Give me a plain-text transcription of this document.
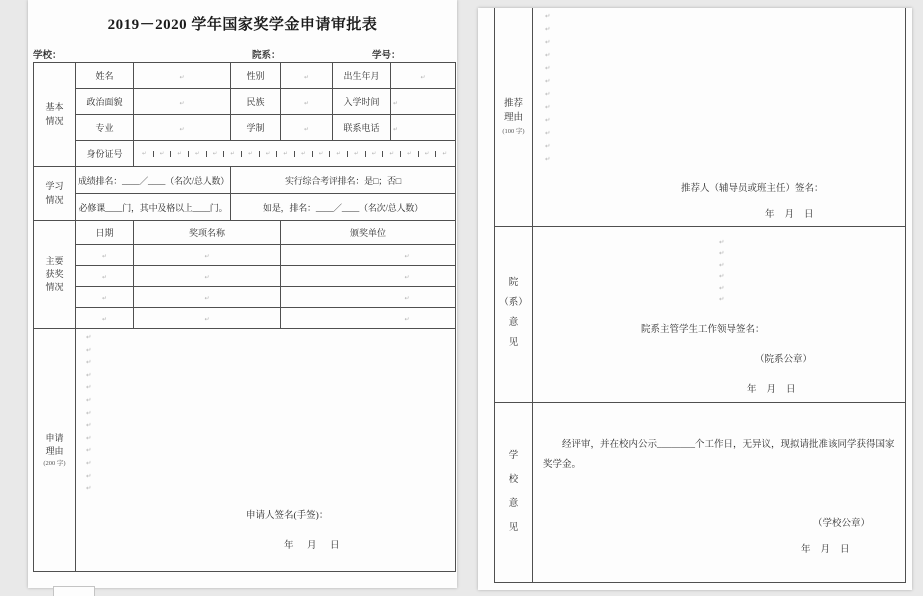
2019－2020 学年国家奖学金申请审批表
学校：	院系：	学号：
基本
情况	姓名	↵	性别	↵	出生年月	↵
	政治面貌	↵	民族	↵	入学时间	↵
	专业	↵	学制	↵	联系电话	↵
身份证号	↵	↵	↵	↵	↵	↵	↵	↵	↵	↵	↵	↵	↵	↵	↵	↵	↵	↵

学习
情况	成绩排名：____／____（名次/总人数）		实行综合考评排名：是□；否□			
	必修课____门，其中及格以上____门。		如是，排名：____／____（名次/总人数）			
主要
获奖
情况	日期	奖项名称		颁奖单位		
	↵	↵		↵		
	↵	↵		↵		
	↵	↵		↵		
	↵	↵		↵		
申请
理由
(200 字)

↵
↵
↵
↵
↵
↵
↵
↵
↵
↵
↵
↵
↵
申请人签名(手签)：
年　月　日
推荐
理由
(100 字)

↵
↵
↵
↵
↵
↵
↵
↵
↵
↵
↵
↵
推荐人（辅导员或班主任）签名：
年月日

院
（系）
意
见	
↵
↵
↵
↵
↵
↵
院系主管学生工作领导签名：
（院系公章）
年月日

学
校
意
见	
经评审，并在校内公示________个工作日，无异议，现拟请批准该同学获得国家奖学金。
（学校公章）
年月日
